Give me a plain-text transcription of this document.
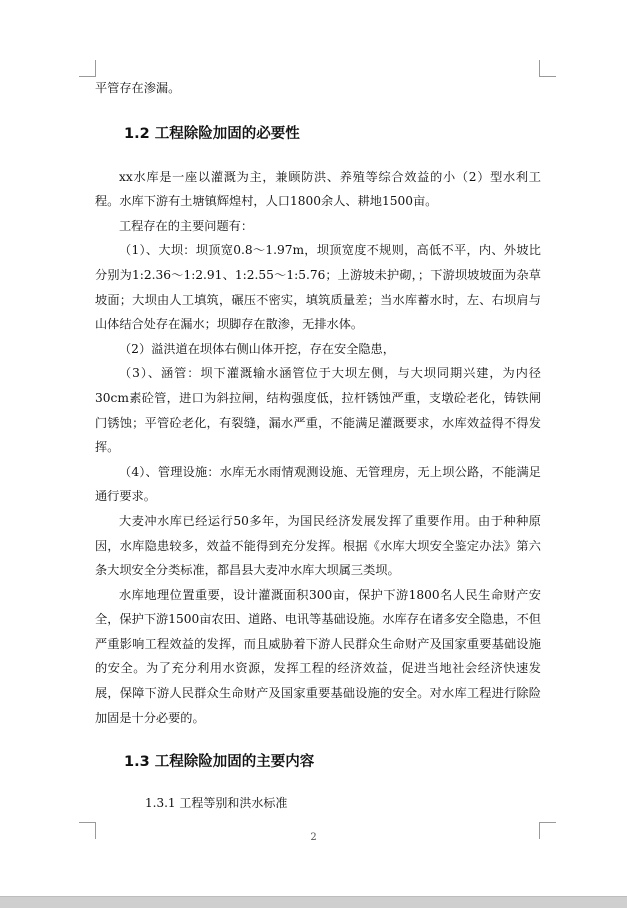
平管存在渗漏。

1.2 工程除险加固的必要性

xx水库是一座以灌溉为主，兼顾防洪、养殖等综合效益的小（2）型水利工程。水库下游有土塘镇辉煌村，人口1800余人、耕地1500亩。

工程存在的主要问题有：

（1）、大坝：坝顶宽0.8～1.97m，坝顶宽度不规则，高低不平，内、外坡比分别为1:2.36～1:2.91、1:2.55～1:5.76；上游坡未护砌，；下游坝坡坡面为杂草坡面；大坝由人工填筑，碾压不密实，填筑质量差；当水库蓄水时，左、右坝肩与山体结合处存在漏水；坝脚存在散渗，无排水体。

（2）溢洪道在坝体右侧山体开挖，存在安全隐患，

（3）、涵管：坝下灌溉输水涵管位于大坝左侧，与大坝同期兴建，为内径30cm素砼管，进口为斜拉闸，结构强度低，拉杆锈蚀严重，支墩砼老化，铸铁闸门锈蚀；平管砼老化，有裂缝，漏水严重，不能满足灌溉要求，水库效益得不得发挥。

（4）、管理设施：水库无水雨情观测设施、无管理房，无上坝公路，不能满足通行要求。

大麦冲水库已经运行50多年，为国民经济发展发挥了重要作用。由于种种原因，水库隐患较多，效益不能得到充分发挥。根据《水库大坝安全鉴定办法》第六条大坝安全分类标准，都昌县大麦冲水库大坝属三类坝。

水库地理位置重要，设计灌溉面积300亩，保护下游1800名人民生命财产安全，保护下游1500亩农田、道路、电讯等基础设施。水库存在诸多安全隐患，不但严重影响工程效益的发挥，而且威胁着下游人民群众生命财产及国家重要基础设施的安全。为了充分利用水资源，发挥工程的经济效益，促进当地社会经济快速发展，保障下游人民群众生命财产及国家重要基础设施的安全。对水库工程进行除险加固是十分必要的。

1.3 工程除险加固的主要内容

1.3.1 工程等别和洪水标准

2
